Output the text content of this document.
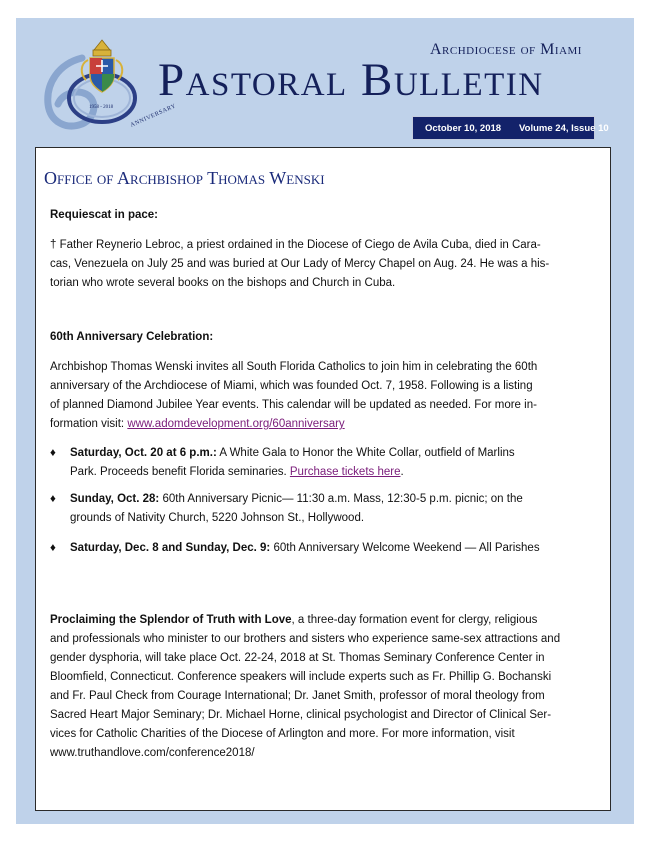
1958 - 2018	ANNIVERSARY
Archdiocese of Miami
Pastoral Bulletin
October 10, 2018 Volume 24, Issue 10
Office of Archbishop Thomas Wenski
Requiescat in pace:
† Father Reynerio Lebroc, a priest ordained in the Diocese of Ciego de Avila Cuba, died in Cara-
cas, Venezuela on July 25 and was buried at Our Lady of Mercy Chapel on Aug. 24. He was a his-
torian who wrote several books on the bishops and Church in Cuba.
60th Anniversary Celebration:
Archbishop Thomas Wenski invites all South Florida Catholics to join him in celebrating the 60th
anniversary of the Archdiocese of Miami, which was founded Oct. 7, 1958. Following is a listing
of planned Diamond Jubilee Year events. This calendar will be updated as needed. For more in-
formation visit: www.adomdevelopment.org/60anniversary
♦ Saturday, Oct. 20 at 6 p.m.: A White Gala to Honor the White Collar, outfield of Marlins
Park. Proceeds benefit Florida seminaries. Purchase tickets here.
♦ Sunday, Oct. 28: 60th Anniversary Picnic— 11:30 a.m. Mass, 12:30-5 p.m. picnic; on the
grounds of Nativity Church, 5220 Johnson St., Hollywood.
♦ Saturday, Dec. 8 and Sunday, Dec. 9: 60th Anniversary Welcome Weekend — All Parishes
Proclaiming the Splendor of Truth with Love, a three-day formation event for clergy, religious
and professionals who minister to our brothers and sisters who experience same-sex attractions and
gender dysphoria, will take place Oct. 22-24, 2018 at St. Thomas Seminary Conference Center in
Bloomfield, Connecticut. Conference speakers will include experts such as Fr. Phillip G. Bochanski
and Fr. Paul Check from Courage International; Dr. Janet Smith, professor of moral theology from
Sacred Heart Major Seminary; Dr. Michael Horne, clinical psychologist and Director of Clinical Ser-
vices for Catholic Charities of the Diocese of Arlington and more. For more information, visit
www.truthandlove.com/conference2018/
